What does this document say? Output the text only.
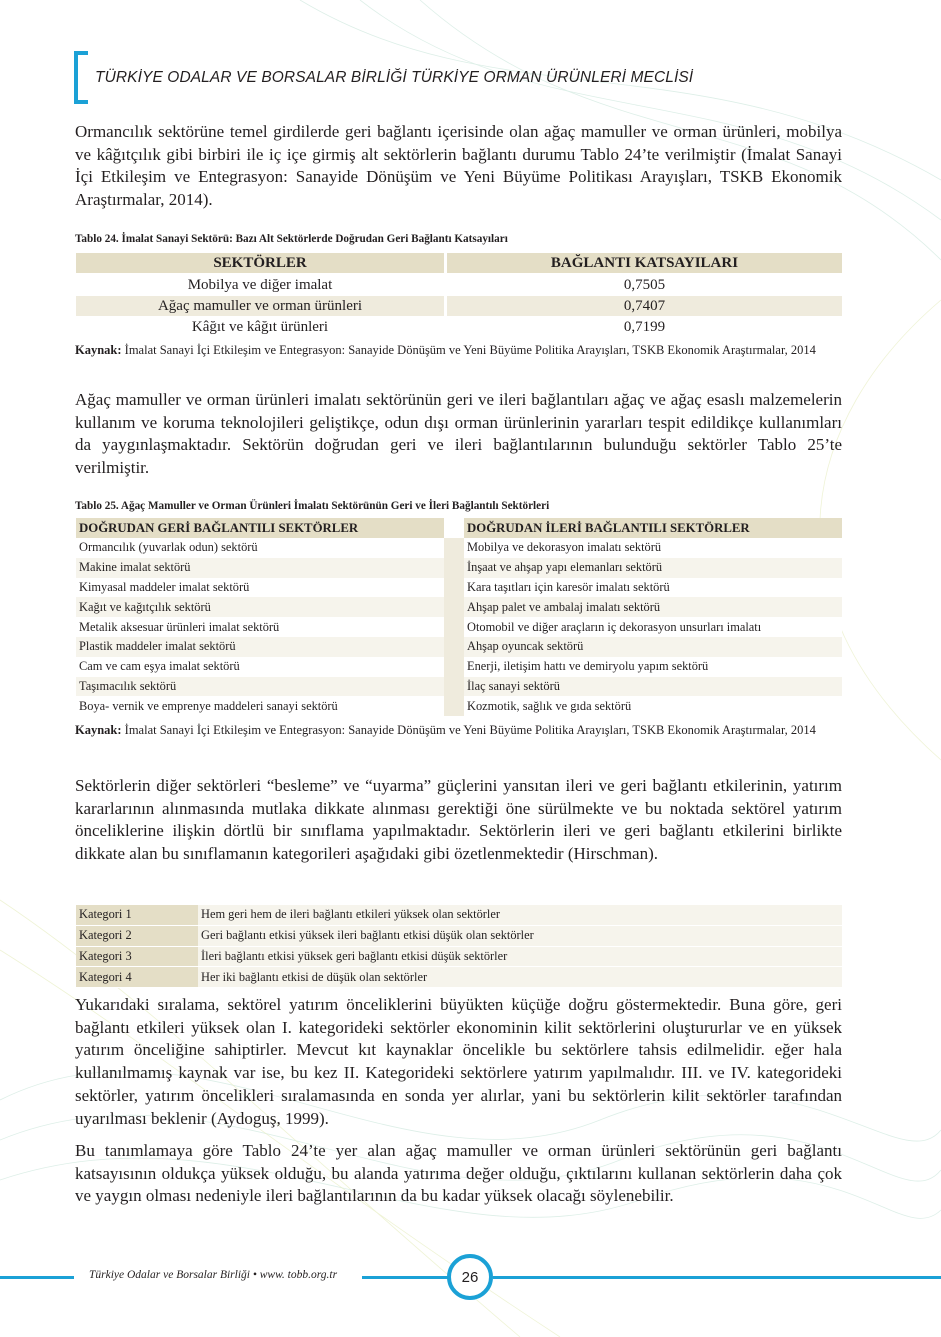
TÜRKİYE ODALAR VE BORSALAR BİRLİĞİ TÜRKİYE ORMAN ÜRÜNLERİ MECLİSİ

Ormancılık sektörüne temel girdilerde geri bağlantı içerisinde olan ağaç mamuller ve orman ürünleri, mobilya ve kâğıtçılık gibi birbiri ile iç içe girmiş alt sektörlerin bağlantı durumu Tablo 24’te verilmiştir (İmalat Sanayi İçi Etkileşim ve Entegrasyon: Sanayide Dönüşüm ve Yeni Büyüme Politikası Arayışları, TSKB Ekonomik Araştırmalar, 2014).

Tablo 24. İmalat Sanayi Sektörü: Bazı Alt Sektörlerde Doğrudan Geri Bağlantı Katsayıları
SEKTÖRLER	BAĞLANTI KATSAYILARI
Mobilya ve diğer imalat	0,7505
Ağaç mamuller ve orman ürünleri	0,7407
Kâğıt ve kâğıt ürünleri	0,7199

Kaynak: İmalat Sanayi İçi Etkileşim ve Entegrasyon: Sanayide Dönüşüm ve Yeni Büyüme Politika Arayışları, TSKB Ekonomik Araştırmalar, 2014

Ağaç mamuller ve orman ürünleri imalatı sektörünün geri ve ileri bağlantıları ağaç ve ağaç esaslı malzemelerin kullanım ve koruma teknolojileri geliştikçe, odun dışı orman ürünlerinin yararları tespit edildikçe kullanımları da yaygınlaşmaktadır. Sektörün doğrudan geri ve ileri bağlantılarının bulunduğu sektörler Tablo 25’te verilmiştir.

Tablo 25. Ağaç Mamuller ve Orman Ürünleri İmalatı Sektörünün Geri ve İleri Bağlantılı Sektörleri
DOĞRUDAN GERİ BAĞLANTILI SEKTÖRLER		DOĞRUDAN İLERİ BAĞLANTILI SEKTÖRLER
Ormancılık (yuvarlak odun) sektörü		Mobilya ve dekorasyon imalatı sektörü
Makine imalat sektörü		İnşaat ve ahşap yapı elemanları sektörü
Kimyasal maddeler imalat sektörü		Kara taşıtları için karesör imalatı sektörü
Kağıt ve kağıtçılık sektörü		Ahşap palet ve ambalaj imalatı sektörü
Metalik aksesuar ürünleri imalat sektörü		Otomobil ve diğer araçların iç dekorasyon unsurları imalatı
Plastik maddeler imalat sektörü		Ahşap oyuncak sektörü
Cam ve cam eşya imalat sektörü		Enerji, iletişim hattı ve demiryolu yapım sektörü
Taşımacılık sektörü		İlaç sanayi sektörü
Boya- vernik ve emprenye maddeleri sanayi sektörü		Kozmotik, sağlık ve gıda sektörü

Kaynak: İmalat Sanayi İçi Etkileşim ve Entegrasyon: Sanayide Dönüşüm ve Yeni Büyüme Politika Arayışları, TSKB Ekonomik Araştırmalar, 2014

Sektörlerin diğer sektörleri “besleme” ve “uyarma” güçlerini yansıtan ileri ve geri bağlantı etkilerinin, yatırım kararlarının alınmasında mutlaka dikkate alınması gerektiği öne sürülmekte ve bu noktada sektörel yatırım önceliklerine ilişkin dörtlü bir sınıflama yapılmaktadır. Sektörlerin ileri ve geri bağlantı etkilerini birlikte dikkate alan bu sınıflamanın kategorileri aşağıdaki gibi özetlenmektedir (Hirschman).

Kategori 1	Hem geri hem de ileri bağlantı etkileri yüksek olan sektörler
Kategori 2	Geri bağlantı etkisi yüksek ileri bağlantı etkisi düşük olan sektörler
Kategori 3	İleri bağlantı etkisi yüksek geri bağlantı etkisi düşük sektörler
Kategori 4	Her iki bağlantı etkisi de düşük olan sektörler

Yukarıdaki sıralama, sektörel yatırım önceliklerini büyükten küçüğe doğru göstermektedir. Buna göre, geri bağlantı etkileri yüksek olan I. kategorideki sektörler ekonominin kilit sektörlerini oluştururlar ve en yüksek yatırım önceliğine sahiptirler. Mevcut kıt kaynaklar öncelikle bu sektörlere tahsis edilmelidir. eğer hala kullanılmamış kaynak var ise, bu kez II. Kategorideki sektörlere yatırım yapılmalıdır. III. ve IV. kategorideki sektörler, yatırım öncelikleri sıralamasında en sonda yer alırlar, yani bu sektörlerin kilit sektörler tarafından uyarılması beklenir (Aydoguş, 1999).

Bu tanımlamaya göre Tablo 24’te yer alan ağaç mamuller ve orman ürünleri sektörünün geri bağlantı katsayısının oldukça yüksek olduğu, bu alanda yatırıma değer olduğu, çıktılarını kullanan sektörlerin daha çok ve yaygın olması nedeniyle ileri bağlantılarının da bu kadar yüksek olacağı söylenebilir.

Türkiye Odalar ve Borsalar Birliği • www. tobb.org.tr	26
